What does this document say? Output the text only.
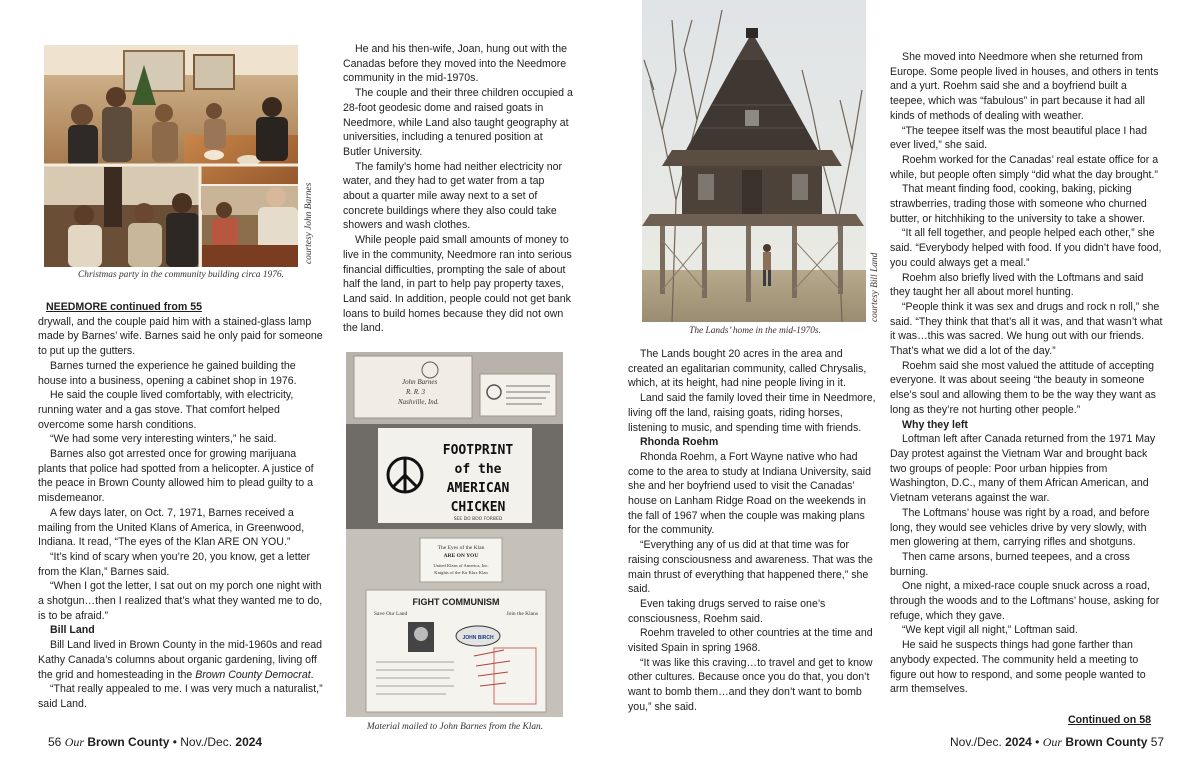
courtesy John Barnes
Christmas party in the community building circa 1976.

NEEDMORE continued from 55

drywall, and the couple paid him with a stained-glass lamp made by Barnes’ wife. Barnes said he only paid for someone to put up the gutters.

Barnes turned the experience he gained building the house into a business, opening a cabinet shop in 1976.

He said the couple lived comfortably, with electricity, running water and a gas stove. That comfort helped overcome some harsh conditions.

“We had some very interesting winters,” he said.

Barnes also got arrested once for growing marijuana plants that police had spotted from a helicopter. A justice of the peace in Brown County allowed him to plead guilty to a misdemeanor.

A few days later, on Oct. 7, 1971, Barnes received a mailing from the United Klans of America, in Greenwood, Indiana. It read, “The eyes of the Klan ARE ON YOU.”

“It’s kind of scary when you’re 20, you know, get a letter from the Klan,” Barnes said.

“When I got the letter, I sat out on my porch one night with a shotgun…then I realized that’s what they wanted me to do, is to be afraid.”

Bill Land

Bill Land lived in Brown County in the mid-1960s and read Kathy Canada’s columns about organic gardening, living off the grid and homesteading in the Brown County Democrat.

“That really appealed to me. I was very much a naturalist,” said Land.

He and his then-wife, Joan, hung out with the Canadas before they moved into the Needmore community in the mid-1970s.

The couple and their three children occupied a 28-foot geodesic dome and raised goats in Needmore, while Land also taught geography at universities, including a tenured position at Butler University.

The family’s home had neither electricity nor water, and they had to get water from a tap about a quarter mile away next to a set of concrete buildings where they also could take showers and wash clothes.

While people paid small amounts of money to live in the community, Needmore ran into serious financial difficulties, prompting the sale of about half the land, in part to help pay property taxes, Land said. In addition, people could not get bank loans to build homes because they did not own the land.

John Barnes
R. R. 3
Nashville, Ind.
FOOTPRINT
of the
AMERICAN
CHICKEN
SEE DO BOO FORBED
The Eyes of the Klan
ARE ON YOU
United Klans of America, Inc.
Knights of the Ku Klux Klan
FIGHT COMMUNISM
Save Our Land	Join the Klans
JOHN BIRCH
Material mailed to John Barnes from the Klan.
56 Our Brown County • Nov./Dec. 2024
courtesy Bill Land
The Lands’ home in the mid-1970s.

The Lands bought 20 acres in the area and created an egalitarian community, called Chrysalis, which, at its height, had nine people living in it.

Land said the family loved their time in Needmore, living off the land, raising goats, riding horses, listening to music, and spending time with friends.

Rhonda Roehm

Rhonda Roehm, a Fort Wayne native who had come to the area to study at Indiana University, said she and her boyfriend used to visit the Canadas’ house on Lanham Ridge Road on the weekends in the fall of 1967 when the couple was making plans for the community.

“Everything any of us did at that time was for raising consciousness and awareness. That was the main thrust of everything that happened there,” she said.

Even taking drugs served to raise one’s consciousness, Roehm said.

Roehm traveled to other countries at the time and visited Spain in spring 1968.

“It was like this craving…to travel and get to know other cultures. Because once you do that, you don’t want to bomb them…and they don’t want to bomb you,” she said.

She moved into Needmore when she returned from Europe. Some people lived in houses, and others in tents and a yurt. Roehm said she and a boyfriend built a teepee, which was “fabulous” in part because it had all kinds of methods of dealing with weather.

“The teepee itself was the most beautiful place I had ever lived,” she said.

Roehm worked for the Canadas’ real estate office for a while, but people often simply “did what the day brought.”

That meant finding food, cooking, baking, picking strawberries, trading those with someone who churned butter, or hitchhiking to the university to take a shower.

“It all fell together, and people helped each other,” she said. “Everybody helped with food. If you didn’t have food, you could always get a meal.”

Roehm also briefly lived with the Loftmans and said they taught her all about morel hunting.

“People think it was sex and drugs and rock n roll,” she said. “They think that that’s all it was, and that wasn’t what it was…this was sacred. We hung out with our friends. That’s what we did a lot of the day.”

Roehm said she most valued the attitude of accepting everyone. It was about seeing “the beauty in someone else’s soul and allowing them to be the way they want as long as they’re not hurting other people.”

Why they left

Loftman left after Canada returned from the 1971 May Day protest against the Vietnam War and brought back two groups of people: Poor urban hippies from Washington, D.C., many of them African American, and Vietnam veterans against the war.

The Loftmans’ house was right by a road, and before long, they would see vehicles drive by very slowly, with men glowering at them, carrying rifles and shotguns.

Then came arsons, burned teepees, and a cross burning.

One night, a mixed-race couple snuck across a road, through the woods and to the Loftmans’ house, asking for refuge, which they gave.

“We kept vigil all night,” Loftman said.

He said he suspects things had gone farther than anybody expected. The community held a meeting to figure out how to respond, and some people wanted to arm themselves.

Continued on 58
Nov./Dec. 2024 • Our Brown County 57
